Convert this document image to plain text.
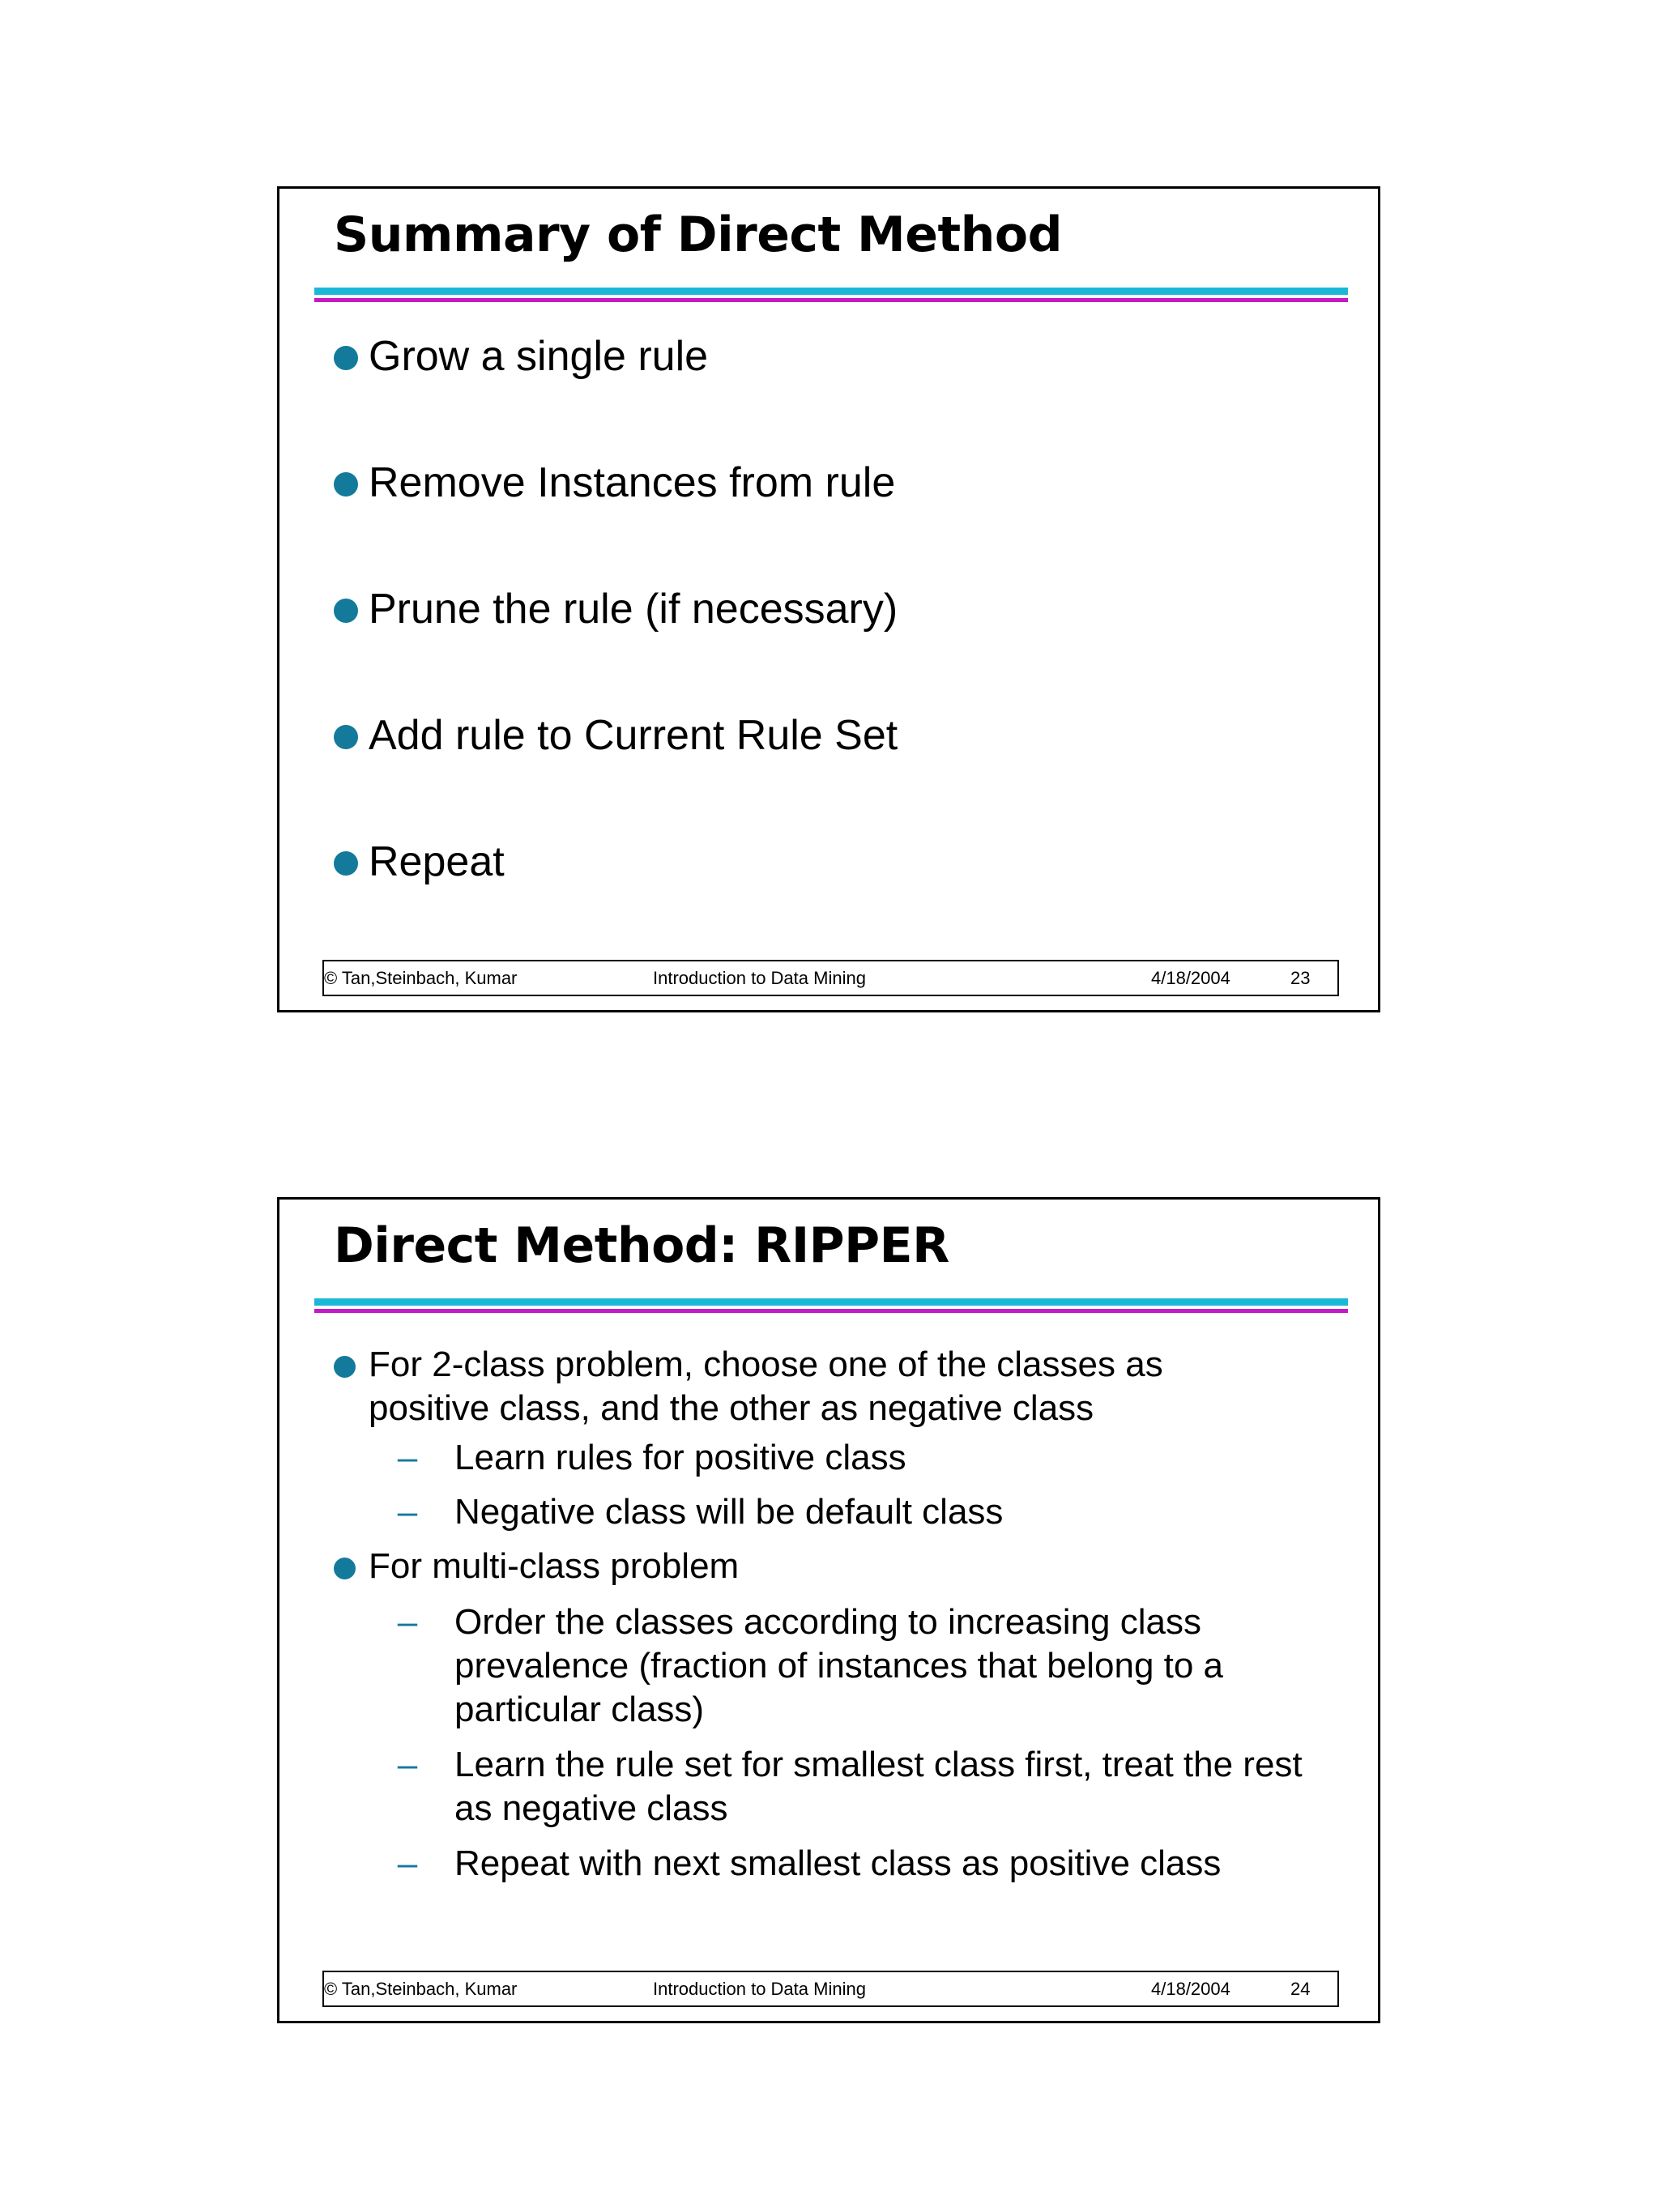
Summary of Direct Method
Grow a single rule
Remove Instances from rule
Prune the rule (if necessary)
Add rule to Current Rule Set
Repeat
© Tan,Steinbach, Kumar	Introduction to Data Mining	4/18/2004	23
Direct Method: RIPPER
For 2-class problem, choose one of the classes as positive class, and the other as negative class
– Learn rules for positive class
– Negative class will be default class
For multi-class problem
– Order the classes according to increasing class prevalence (fraction of instances that belong to a particular class)
– Learn the rule set for smallest class first, treat the rest as negative class
– Repeat with next smallest class as positive class
© Tan,Steinbach, Kumar	Introduction to Data Mining	4/18/2004	24
